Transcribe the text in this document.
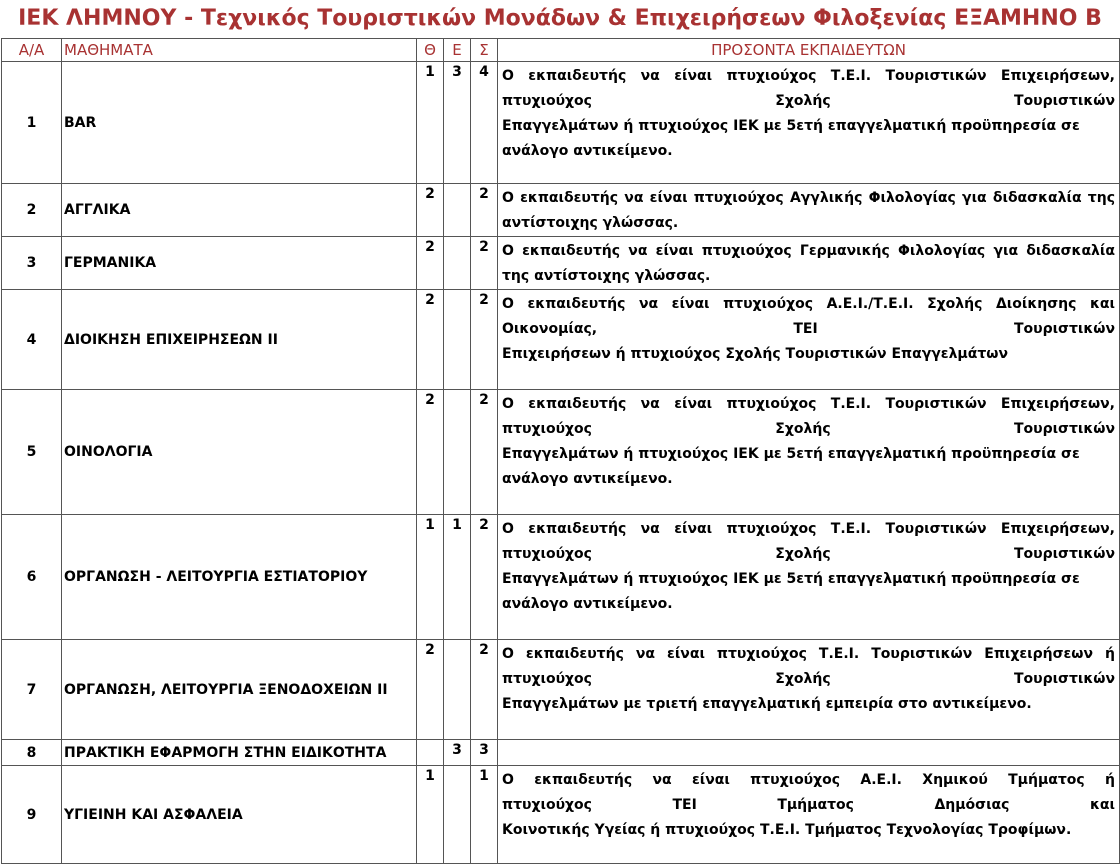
ΙΕΚ ΛΗΜΝΟΥ - Τεχνικός Τουριστικών Μονάδων & Επιχειρήσεων Φιλοξενίας ΕΞΑΜΗΝΟ Β
Α/Α	ΜΑΘΗΜΑΤΑ	Θ	Ε	Σ	ΠΡΟΣΟΝΤΑ ΕΚΠΑΙΔΕΥΤΩΝ
1	BAR	1	3	4	Ο εκπαιδευτής να είναι πτυχιούχος Τ.Ε.Ι. Τουριστικών Επιχειρήσεων,
πτυχιούχος Σχολής Τουριστικών
Επαγγελμάτων ή πτυχιούχος ΙΕΚ με 5ετή επαγγελματική προϋπηρεσία σε
ανάλογο αντικείμενο.

2	ΑΓΓΛΙΚΑ	2		2	Ο εκπαιδευτής να είναι πτυχιούχος Αγγλικής Φιλολογίας για διδασκαλία της
αντίστοιχης γλώσσας.

3	ΓΕΡΜΑΝΙΚΑ	2		2	Ο εκπαιδευτής να είναι πτυχιούχος Γερμανικής Φιλολογίας για διδασκαλία
της αντίστοιχης γλώσσας.

4	ΔΙΟΙΚΗΣΗ ΕΠΙΧΕΙΡΗΣΕΩΝ ΙΙ	2		2	Ο εκπαιδευτής να είναι πτυχιούχος Α.Ε.Ι./Τ.Ε.Ι. Σχολής Διοίκησης και
Οικονομίας, ΤΕΙ Τουριστικών
Επιχειρήσεων ή πτυχιούχος Σχολής Τουριστικών Επαγγελμάτων

5	ΟΙΝΟΛΟΓΙΑ	2		2	Ο εκπαιδευτής να είναι πτυχιούχος Τ.Ε.Ι. Τουριστικών Επιχειρήσεων,
πτυχιούχος Σχολής Τουριστικών
Επαγγελμάτων ή πτυχιούχος ΙΕΚ με 5ετή επαγγελματική προϋπηρεσία σε
ανάλογο αντικείμενο.

6	ΟΡΓΑΝΩΣΗ - ΛΕΙΤΟΥΡΓΙΑ ΕΣΤΙΑΤΟΡΙΟΥ	1	1	2	Ο εκπαιδευτής να είναι πτυχιούχος Τ.Ε.Ι. Τουριστικών Επιχειρήσεων,
πτυχιούχος Σχολής Τουριστικών
Επαγγελμάτων ή πτυχιούχος ΙΕΚ με 5ετή επαγγελματική προϋπηρεσία σε
ανάλογο αντικείμενο.

7	ΟΡΓΑΝΩΣΗ, ΛΕΙΤΟΥΡΓΙΑ ΞΕΝΟΔΟΧΕΙΩΝ ΙΙ	2		2	Ο εκπαιδευτής να είναι πτυχιούχος Τ.Ε.Ι. Τουριστικών Επιχειρήσεων ή
πτυχιούχος Σχολής Τουριστικών
Επαγγελμάτων με τριετή επαγγελματική εμπειρία στο αντικείμενο.

8	ΠΡΑΚΤΙΚΗ ΕΦΑΡΜΟΓΗ ΣΤΗΝ ΕΙΔΙΚΟΤΗΤΑ		3	3	
9	ΥΓΙΕΙΝΗ ΚΑΙ ΑΣΦΑΛΕΙΑ	1		1	Ο εκπαιδευτής να είναι πτυχιούχος Α.Ε.Ι. Χημικού Τμήματος ή
πτυχιούχος ΤΕΙ Τμήματος Δημόσιας και
Κοινοτικής Υγείας ή πτυχιούχος Τ.Ε.Ι. Τμήματος Τεχνολογίας Τροφίμων.
